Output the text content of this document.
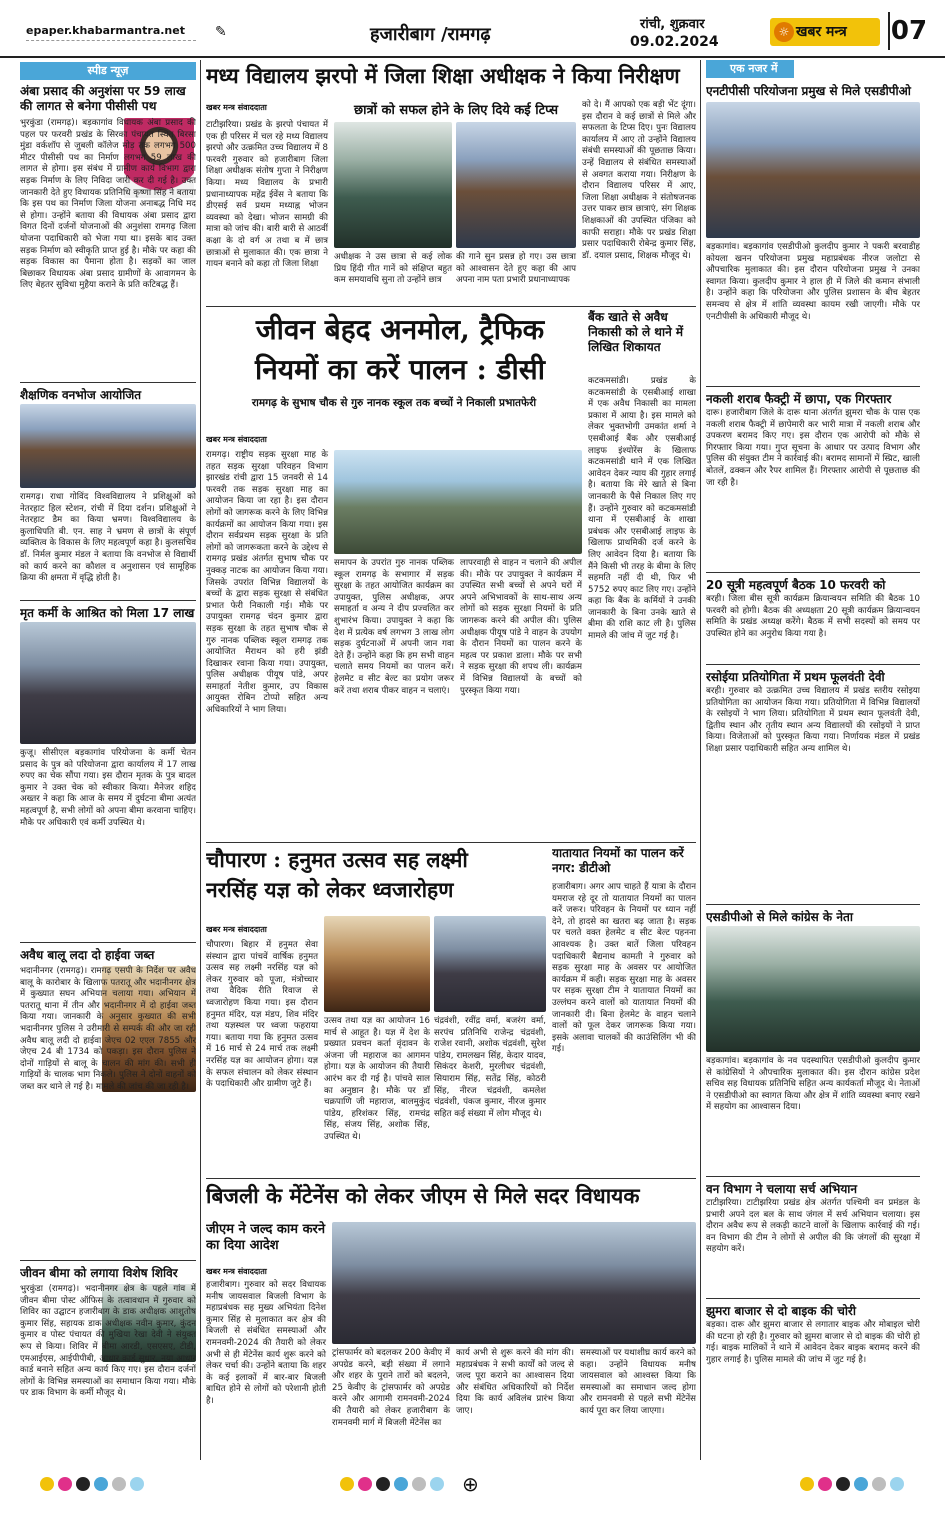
epaper.khabarmantra.net ✎	हजारीबाग /रामगढ़	रांची, शुक्रवार
09.02.2024
☼ खबर मन्त्र	07
स्पीड न्यूज़
अंबा प्रसाद की अनुशंसा पर 59 लाख की लागत से बनेगा पीसीसी पथ
भुरकुंडा (रामगढ़)। बड़कागांव विधायक अंबा प्रसाद की पहल पर फरवरी प्रखंड के सिरका पंचायत स्थित बिरसा मुंडा वर्कशॉप से जुबली कॉलेज मोड़ तक लगभग 500 मीटर पीसीसी पथ का निर्माण लगभग 59 लाख की लागत से होगा। इस संबंध में ग्रामीण कार्य विभाग द्वारा सड़क निर्माण के लिए निविदा जारी कर दी गई है। उक्त जानकारी देते हुए विधायक प्रतिनिधि कृष्णा सिंह ने बताया कि इस पथ का निर्माण जिला योजना अनाबद्ध निधि मद से होगा। उन्होंने बताया की विधायक अंबा प्रसाद द्वारा विगत दिनों दर्जनों योजनाओं की अनुशंसा रामगढ़ जिला योजना पदाधिकारी को भेजा गया था। इसके बाद उक्त सड़क निर्माण को स्वीकृति प्राप्त हुई है। मौके पर कहा की सड़क विकास का पैमाना होता है। सड़कों का जाल बिछाकर विधायक अंबा प्रसाद ग्रामीणों के आवागमन के लिए बेहतर सुविधा मुहैया कराने के प्रति कटिबद्ध हैं।
शैक्षणिक वनभोज आयोजित
रामगढ़। राधा गोविंद विश्वविद्यालय ने प्रशिक्षुओं को नेतरहाट हिल स्टेशन, रांची में दिया दर्शन। प्रशिक्षुओं ने नेतरहाट डैम का किया भ्रमण। विश्वविद्यालय के कुलाधिपति बी. एन. साह ने भ्रमण से छात्रों के संपूर्ण व्यक्तित्व के विकास के लिए महत्वपूर्ण कहा है। कुलसचिव डॉ. निर्मल कुमार मंडल ने बताया कि वनभोज से विद्यार्थी को कार्य करने का कौशल व अनुशासन एवं सामूहिक क्रिया की क्षमता में वृद्धि होती है।
मृत कर्मी के आश्रित को मिला 17 लाख
कुजू। सीसीएल बड़कागांव परियोजना के कर्मी चेतन प्रसाद के पुत्र को परियोजना द्वारा कार्यालय में 17 लाख रुपए का चेक सौंपा गया। इस दौरान मृतक के पुत्र बादल कुमार ने उक्त चेक को स्वीकार किया। मैनेजर शहिद अख्तर ने कहा कि आज के समय में दुर्घटना बीमा अत्यंत महत्वपूर्ण है, सभी लोगों को अपना बीमा करवाना चाहिए। मौके पर अधिकारी एवं कर्मी उपस्थित थे।
अवैध बालू लदा दो हाईवा जब्त
भदानीनगर (रामगढ़)। रामगढ़ एसपी के निर्देश पर अवैध बालू के कारोबार के खिलाफ पतरातू और भदानीनगर क्षेत्र में कुख्यात सघन अभियान चलाया गया। अभियान में पतरातू थाना में तीन और भदानीनगर में दो हाईवा जब्त किया गया। जानकारी के अनुसार कुख्यात की सभी भदानीनगर पुलिस ने उरीमारी से सम्पर्क की और जा रही अवैध बालू लदी दो हाईवा जेएच 02 एएल 7855 और जेएच 24 बी 1734 को पकड़ा। इस दौरान पुलिस ने दोनों गाड़ियों से बालू के चालन की मांग की। सभी ही गाड़ियों के चालक भाग निकले। पुलिस ने दोनों वाहनों को जब्त कर थाने ले गई है। मामले की जांच की जा रही है।
जीवन बीमा को लगाया विशेष शिविर
भुरकुंडा (रामगढ़)। भदानीनगर क्षेत्र के पहले गांव में जीवन बीमा पोस्ट ऑफिस के तत्वावधान में गुरुवार को शिविर का उद्घाटन हजारीबाग के डाक अधीक्षक आशुतोष कुमार सिंह, सहायक डाक अधीक्षक नवीन कुमार, कुंदन कुमार व पोस्ट पंचायत की मुखिया रेखा देवी ने संयुक्त रूप से किया। शिविर में बीमा आरडी, एसएसए, टीडी, एमआईएस, आईपीपीबी, आधार कार्ड सुधार, नया आधार कार्ड बनाने सहित अन्य कार्य किए गए। इस दौरान दर्जनों लोगों के विभिन्न समस्याओं का समाधान किया गया। मौके पर डाक विभाग के कर्मी मौजूद थे।
मध्य विद्यालय झरपो में जिला शिक्षा अधीक्षक ने किया निरीक्षण
खबर मन्त्र संवाददाता	छात्रों को सफल होने के लिए दिये कई टिप्स
टाटीझरिया। प्रखंड के झरपो पंचायत में एक ही परिसर में चल रहे मध्य विद्यालय झरपो और उत्क्रमित उच्च विद्यालय में 8 फरवरी गुरुवार को हजारीबाग जिला शिक्षा अधीक्षक संतोष गुप्ता ने निरीक्षण किया। मध्य विद्यालय के प्रभारी प्रधानाध्यापक महेंद्र ईवेंस ने बताया कि डीएसई सर्व प्रथम मध्याह्न भोजन व्यवस्था को देखा। भोजन सामग्री की मात्रा को जांच की। बारी बारी से आठवीं कक्षा के दो वर्ग अ तथा ब में छात्र छात्राओं से मुलाकात की। एक छात्रा ने गायन बनाने को कहा तो जिला शिक्षा
अधीक्षक ने उस छात्रा से कई लोक प्रिय हिंदी गीत गानें को संक्षिप्त बहुत कम समयावधि सुना तो उन्होंने छात्र
की गाने सुन प्रसन्न हो गए। उस छात्रा को आश्वासन देते हुए कहा की आप अपना नाम पता प्रभारी प्रधानाध्यापक
को दे। मैं आपको एक बड़ी भेंट दूंगा। इस दौरान वे कई छात्रों से मिले और सफलता के टिप्स दिए। पुनः विद्यालय कार्यालय में आए तो उन्होंने विद्यालय संबंधी समस्याओं की पूछताछ किया। उन्हें विद्यालय से संबंधित समस्याओं से अवगत कराया गया। निरीक्षण के दौरान विद्यालय परिसर में आए, जिला शिक्षा अधीक्षक ने संतोषजनक उत्तर पाकर छात्र छात्राएं, संग शिक्षक शिक्षकाओं की उपस्थित पंजिका को काफी सराहा। मौके पर प्रखंड शिक्षा प्रसार पदाधिकारी रोबेन्द्र कुमार सिंह, डॉ. दयाल प्रसाद, शिक्षक मौजूद थे।
जीवन बेहद अनमोल, ट्रैफिक
नियमों का करें पालन : डीसी
रामगढ़ के सुभाष चौक से गुरु नानक स्कूल तक बच्चों ने निकाली प्रभातफेरी
खबर मन्त्र संवाददाता
रामगढ़। राष्ट्रीय सड़क सुरक्षा माह के तहत सड़क सुरक्षा परिवहन विभाग झारखंड रांची द्वारा 15 जनवरी से 14 फरवरी तक सड़क सुरक्षा माह का आयोजन किया जा रहा है। इस दौरान लोगों को जागरूक करने के लिए विभिन्न कार्यक्रमों का आयोजन किया गया। इस दौरान सर्वप्रथम सड़क सुरक्षा के प्रति लोगों को जागरूकता करने के उद्देश्य से रामगढ़ प्रखंड अंतर्गत सुभाष चौक पर नुक्कड़ नाटक का आयोजन किया गया। जिसके उपरांत विभिन्न विद्यालयों के बच्चों के द्वारा सड़क सुरक्षा से संबंधित प्रभात फेरी निकाली गई। मौके पर उपायुक्त रामगढ़ चंदन कुमार द्वारा सड़क सुरक्षा के तहत सुभाष चौक से गुरु नानक पब्लिक स्कूल रामगढ़ तक आयोजित मैराथन को हरी झंडी दिखाकर रवाना किया गया। उपायुक्त, पुलिस अधीक्षक पीयूष पांडे, अपर समाहर्ता नेतीश कुमार, उप विकास आयुक्त रोबिन टोप्पो सहित अन्य अधिकारियों ने भाग लिया।
समापन के उपरांत गुरु नानक पब्लिक स्कूल रामगढ़ के सभागार में सड़क सुरक्षा के तहत आयोजित कार्यक्रम का उपायुक्त, पुलिस अधीक्षक, अपर समाहर्ता व अन्य ने दीप प्रज्वलित कर शुभारंभ किया। उपायुक्त ने कहा कि देश में प्रत्येक वर्ष लगभग 3 लाख लोग सड़क दुर्घटनाओं में अपनी जान गवा देते हैं। उन्होंने कहा कि हम सभी वाहन चलाते समय नियमों का पालन करें। हेलमेट व सीट बेल्ट का प्रयोग जरूर करें तथा शराब पीकर वाहन न चलाएं।
लापरवाही से वाहन न चलाने की अपील की। मौके पर उपायुक्त ने कार्यक्रम में उपस्थित सभी बच्चों से अपने घरों में अपने अभिभावकों के साथ-साथ अन्य लोगों को सड़क सुरक्षा नियमों के प्रति जागरूक करने की अपील की। पुलिस अधीक्षक पीयूष पांडे ने वाहन के उपयोग के दौरान नियमों का पालन करने के महत्व पर प्रकाश डाला। मौके पर सभी ने सड़क सुरक्षा की शपथ ली। कार्यक्रम में विभिन्न विद्यालयों के बच्चों को पुरस्कृत किया गया।
बैंक खाते से अवैध निकासी को ले थाने में लिखित शिकायत
कटकमसांडी। प्रखंड के कटकमसांडी के एसबीआई शाखा में एक अवैध निकासी का मामला प्रकाश में आया है। इस मामले को लेकर भुक्तभोगी उमकांत शर्मा ने एसबीआई बैंक और एसबीआई लाइफ इंश्योरेंस के खिलाफ कटकमसांडी थाने में एक लिखित आवेदन देकर न्याय की गुहार लगाई है। बताया कि मेरे खाते से बिना जानकारी के पैसे निकाल लिए गए हैं। उन्होंने गुरुवार को कटकमसांडी थाना में एसबीआई के शाखा प्रबंधक और एसबीआई लाइफ के खिलाफ प्राथमिकी दर्ज करने के लिए आवेदन दिया है। बताया कि मैंने किसी भी तरह के बीमा के लिए सहमति नहीं दी थी, फिर भी 5752 रुपए काट लिए गए। उन्होंने कहा कि बैंक के कर्मियों ने उनकी जानकारी के बिना उनके खाते से बीमा की राशि काट ली है। पुलिस मामले की जांच में जुट गई है।
चौपारण : हनुमत उत्सव सह लक्ष्मी
नरसिंह यज्ञ को लेकर ध्वजारोहण
खबर मन्त्र संवाददाता
चौपारण। बिहार में हनुमत सेवा संस्थान द्वारा पांचवें वार्षिक हनुमत उत्सव सह लक्ष्मी नरसिंह यज्ञ को लेकर गुरुवार को पूजा, मंत्रोच्चार तथा वैदिक रीति रिवाज से ध्वजारोहण किया गया। इस दौरान हनुमत मंदिर, यज्ञ मंडप, शिव मंदिर तथा यज्ञस्थल पर ध्वजा फहराया गया। बताया गया कि हनुमत उत्सव में 16 मार्च से 24 मार्च तक लक्ष्मी नरसिंह यज्ञ का आयोजन होगा। यज्ञ के सफल संचालन को लेकर संस्थान के पदाधिकारी और ग्रामीण जुटे हैं।
उत्सव तथा यज्ञ का आयोजन 16 मार्च से आहूत है। यज्ञ में देश के प्रख्यात प्रवचन कर्ता वृंदावन के अंजना जी महाराज का आगमन होगा। यज्ञ के आयोजन की तैयारी आरंभ कर दी गई है। पांचवे साल का अनुष्ठान है। मौके पर डॉ चक्रपाणि जी महाराज, बालमुकुंद पांडेय, हरिशंकर सिंह, रामचंद्र सिंह, संजय सिंह, अशोक सिंह, उपस्थित थे।
चंद्रवंशी, रवींद्र वर्मा, बजरंग वर्मा, सरपंच प्रतिनिधि राजेन्द्र चंद्रवंशी, राजेश रवानी, अशोक चंद्रवंशी, सुरेश पांडेय, रामलखन सिंह, केदार यादव, सिकंदर केशरी, मुरलीधर चंद्रवंशी, सियाराम सिंह, सतेंद्र सिंह, कोठरी सिंह, नीरज चंद्रवंशी, कमलेश चंद्रवंशी, पंकज कुमार, नीरज कुमार सहित कई संख्या में लोग मौजूद थे।
यातायात नियमों का पालन करें नगर: डीटीओ
हजारीबाग। अगर आप चाहते हैं यात्रा के दौरान यमराज रहे दूर तो यातायात नियमों का पालन करें जरूर। परिवहन के नियमों पर ध्यान नहीं देने, तो हादसे का खतरा बढ़ जाता है। सड़क पर चलते वक्त हेलमेट व सीट बेल्ट पहनना आवश्यक है। उक्त बातें जिला परिवहन पदाधिकारी बैद्यनाथ कामती ने गुरुवार को सड़क सुरक्षा माह के अवसर पर आयोजित कार्यक्रम में कही। सड़क सुरक्षा माह के अवसर पर सड़क सुरक्षा टीम ने यातायात नियमों का उल्लंघन करने वालों को यातायात नियमों की जानकारी दी। बिना हेलमेट के वाहन चलाने वालों को फूल देकर जागरूक किया गया। इसके अलावा चालकों की काउंसिलिंग भी की गई।
बिजली के मेंटेनेंस को लेकर जीएम से मिले सदर विधायक
जीएम ने जल्द काम करने का दिया आदेश
खबर मन्त्र संवाददाता
हजारीबाग। गुरुवार को सदर विधायक मनीष जायसवाल बिजली विभाग के महाप्रबंधक सह मुख्य अभियंता दिनेश कुमार सिंह से मुलाकात कर क्षेत्र की बिजली से संबंधित समस्याओं और रामनवमी-2024 की तैयारी को लेकर अभी से ही मेंटेनेंस कार्य शुरू करने को लेकर चर्चा की। उन्होंने बताया कि शहर के कई इलाकों में बार-बार बिजली बाधित होने से लोगों को परेशानी होती है।
ट्रांसफार्मर को बदलकर 200 केवीए में अपग्रेड करने, बड़ी संख्या में लगाने और शहर के पुराने तारों को बदलने, 25 केवीए के ट्रांसफार्मर को अपग्रेड करने और आगामी रामनवमी-2024 की तैयारी को लेकर हजारीबाग के रामनवमी मार्ग में बिजली मेंटेनेंस का
कार्य अभी से शुरू करने की मांग की। महाप्रबंधक ने सभी कार्यों को जल्द से जल्द पूरा कराने का आश्वासन दिया और संबंधित अधिकारियों को निर्देश दिया कि कार्य अविलंब प्रारंभ किया जाए।
समस्याओं पर यथाशीघ्र कार्य करने को कहा। उन्होंने विधायक मनीष जायसवाल को आश्वस्त किया कि समस्याओं का समाधान जल्द होगा और रामनवमी से पहले सभी मेंटेनेंस कार्य पूरा कर लिया जाएगा।
एक नजर में
एनटीपीसी परियोजना प्रमुख से मिले एसडीपीओ
बड़कागांव। बड़कागांव एसडीपीओ कुलदीप कुमार ने पकरी बरवाडीह कोयला खनन परियोजना प्रमुख महाप्रबंधक नीरज जलोटा से औपचारिक मुलाकात की। इस दौरान परियोजना प्रमुख ने उनका स्वागत किया। कुलदीप कुमार ने हाल ही में जिले की कमान संभाली है। उन्होंने कहा कि परियोजना और पुलिस प्रशासन के बीच बेहतर समन्वय से क्षेत्र में शांति व्यवस्था कायम रखी जाएगी। मौके पर एनटीपीसी के अधिकारी मौजूद थे।
नकली शराब फैक्ट्री में छापा, एक गिरफ्तार
दारू। हजारीबाग जिले के दारू थाना अंतर्गत झुमरा चौक के पास एक नकली शराब फैक्ट्री में छापेमारी कर भारी मात्रा में नकली शराब और उपकरण बरामद किए गए। इस दौरान एक आरोपी को मौके से गिरफ्तार किया गया। गुप्त सूचना के आधार पर उत्पाद विभाग और पुलिस की संयुक्त टीम ने कार्रवाई की। बरामद सामानों में स्प्रिट, खाली बोतलें, ढक्कन और रैपर शामिल हैं। गिरफ्तार आरोपी से पूछताछ की जा रही है।
20 सूत्री महत्वपूर्ण बैठक 10 फरवरी को
बरही। जिला बीस सूत्री कार्यक्रम क्रियान्वयन समिति की बैठक 10 फरवरी को होगी। बैठक की अध्यक्षता 20 सूत्री कार्यक्रम क्रियान्वयन समिति के प्रखंड अध्यक्ष करेंगे। बैठक में सभी सदस्यों को समय पर उपस्थित होने का अनुरोध किया गया है।
रसोईया प्रतियोगिता में प्रथम फूलवंती देवी
बरही। गुरुवार को उत्क्रमित उच्च विद्यालय में प्रखंड स्तरीय रसोइया प्रतियोगिता का आयोजन किया गया। प्रतियोगिता में विभिन्न विद्यालयों के रसोइयों ने भाग लिया। प्रतियोगिता में प्रथम स्थान फूलवंती देवी, द्वितीय स्थान और तृतीय स्थान अन्य विद्यालयों की रसोइयों ने प्राप्त किया। विजेताओं को पुरस्कृत किया गया। निर्णायक मंडल में प्रखंड शिक्षा प्रसार पदाधिकारी सहित अन्य शामिल थे।
एसडीपीओ से मिले कांग्रेस के नेता
बड़कागांव। बड़कागांव के नव पदस्थापित एसडीपीओ कुलदीप कुमार से कांग्रेसियों ने औपचारिक मुलाकात की। इस दौरान कांग्रेस प्रदेश सचिव सह विधायक प्रतिनिधि सहित अन्य कार्यकर्ता मौजूद थे। नेताओं ने एसडीपीओ का स्वागत किया और क्षेत्र में शांति व्यवस्था बनाए रखने में सहयोग का आश्वासन दिया।
वन विभाग ने चलाया सर्च अभियान
टाटीझरिया। टाटीझरिया प्रखंड क्षेत्र अंतर्गत पश्चिमी वन प्रमंडल के प्रभारी अपने दल बल के साथ जंगल में सर्च अभियान चलाया। इस दौरान अवैध रूप से लकड़ी काटने वालों के खिलाफ कार्रवाई की गई। वन विभाग की टीम ने लोगों से अपील की कि जंगलों की सुरक्षा में सहयोग करें।
झुमरा बाजार से दो बाइक की चोरी
बड़का। दारू और झुमरा बाजार से लगातार बाइक और मोबाइल चोरी की घटना हो रही है। गुरुवार को झुमरा बाजार से दो बाइक की चोरी हो गई। बाइक मालिकों ने थाने में आवेदन देकर बाइक बरामद करने की गुहार लगाई है। पुलिस मामले की जांच में जुट गई है।
⊕
